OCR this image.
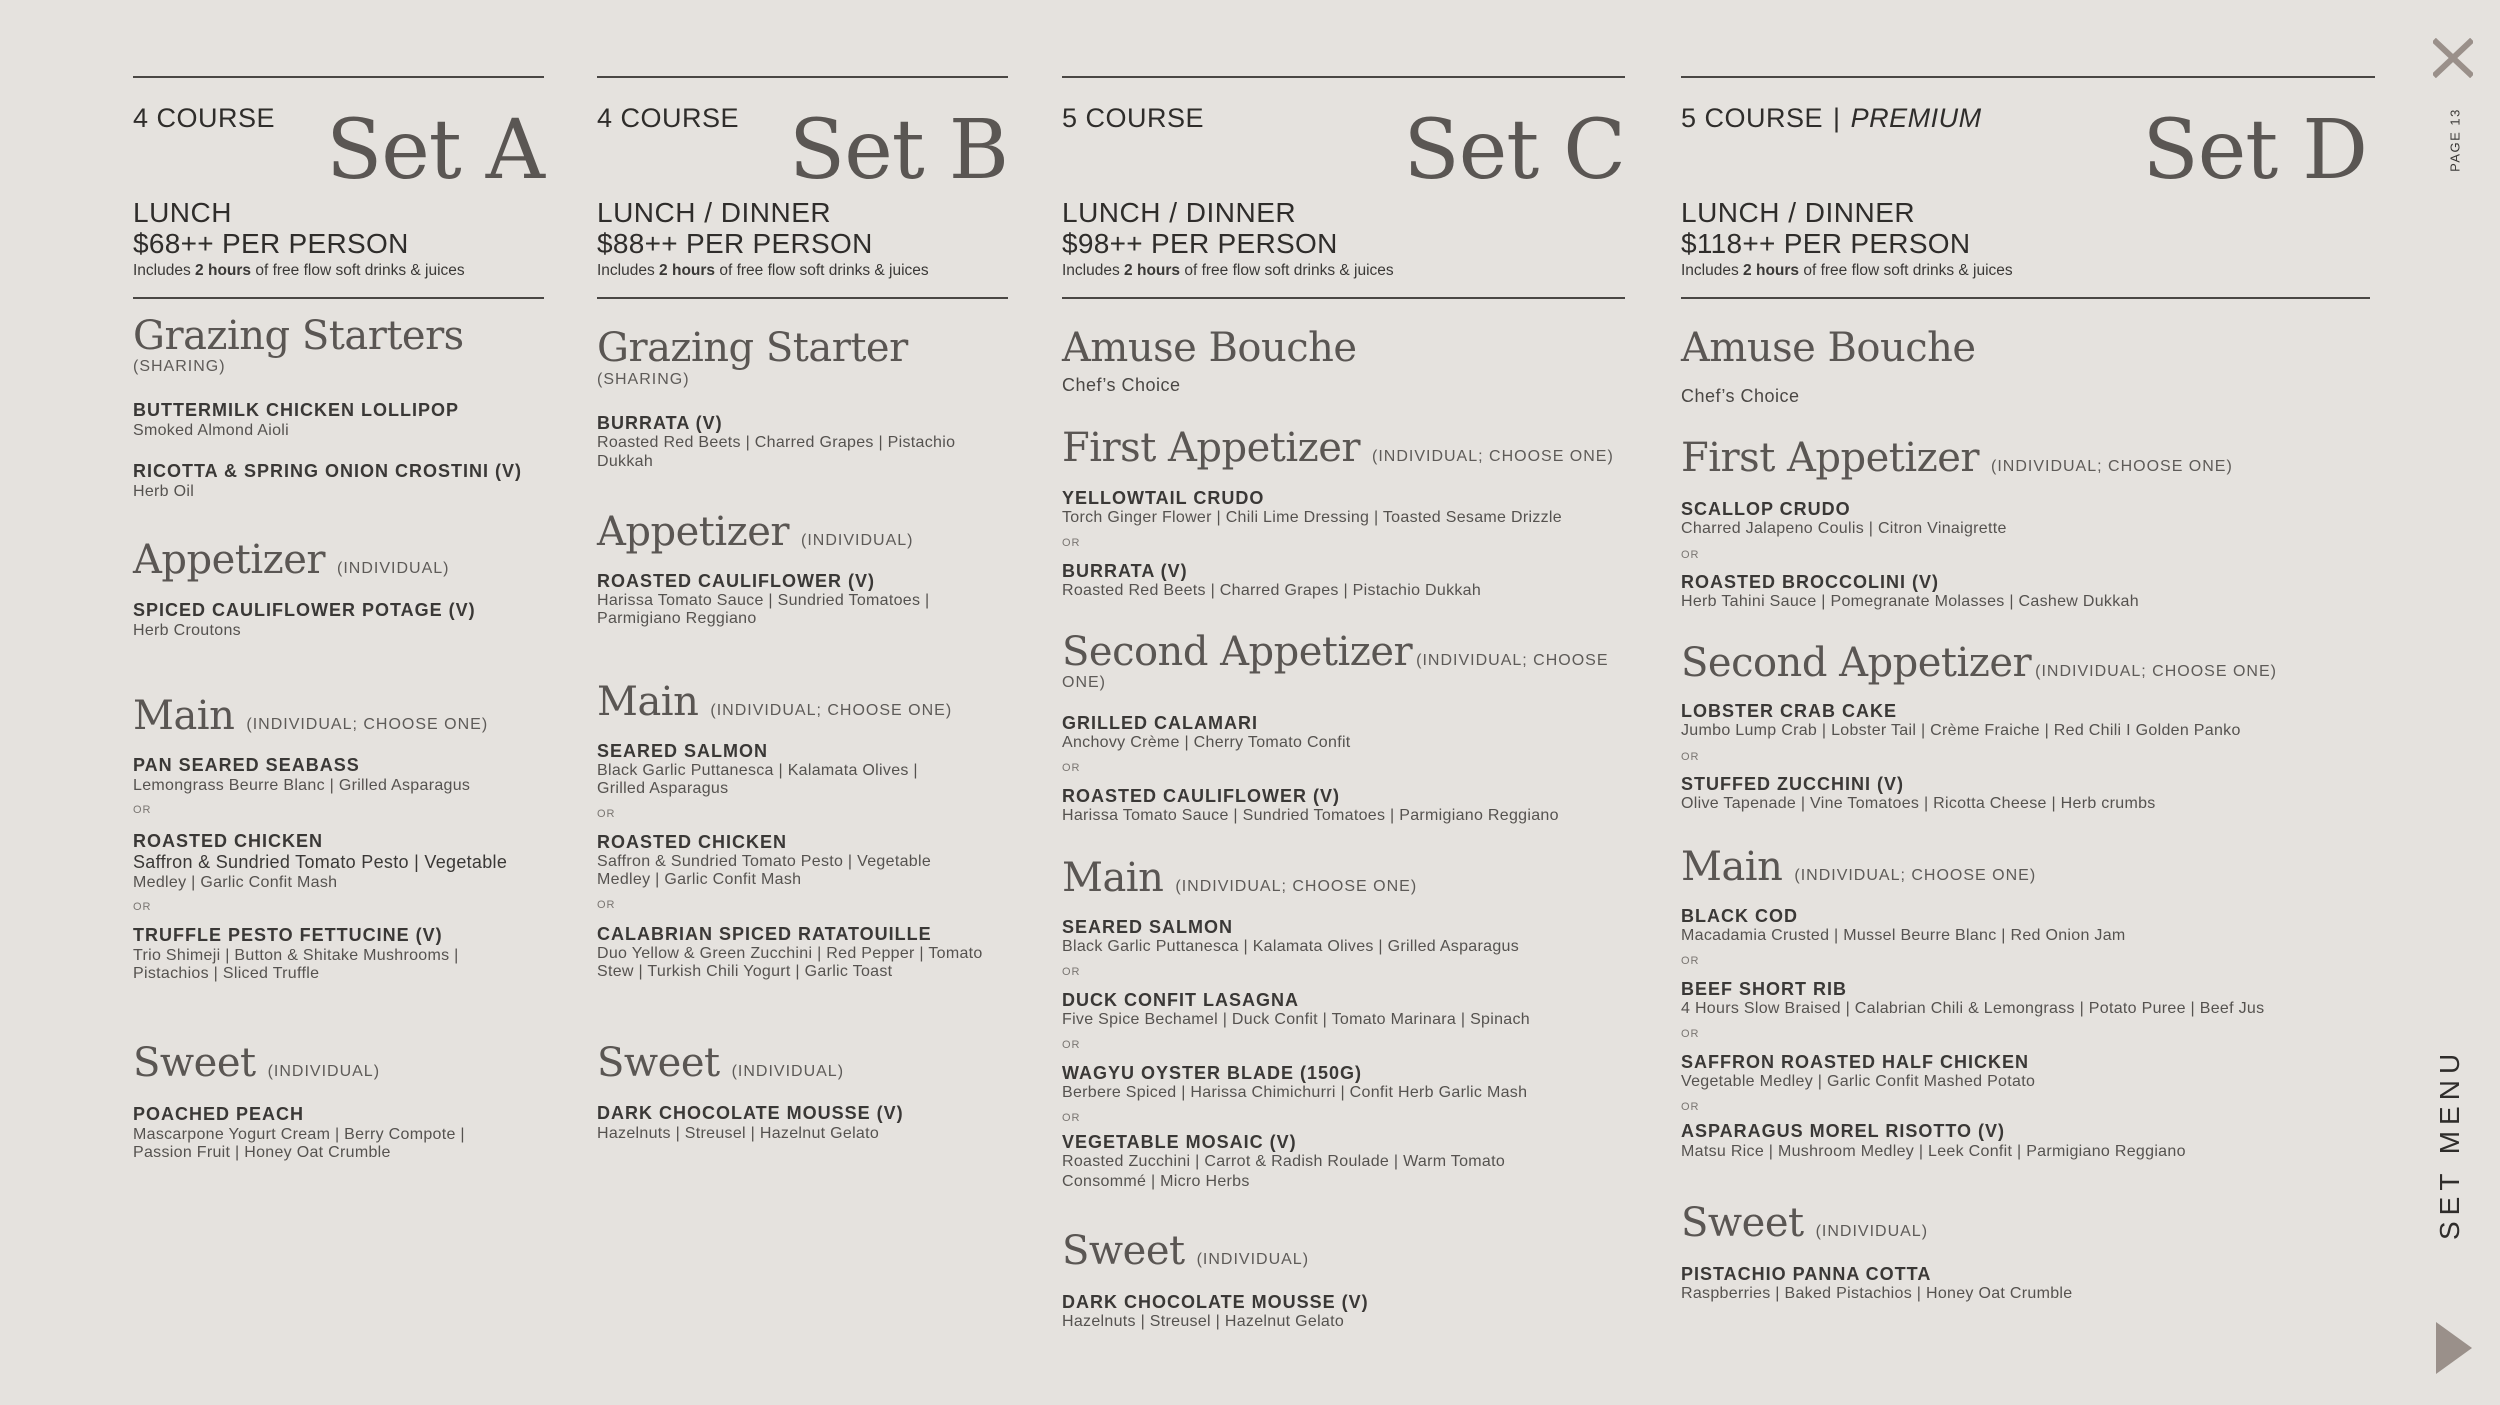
4 COURSE Set A
LUNCH
$68++ PER PERSON
Includes 2 hours of free flow soft drinks & juices
Grazing Starters
(SHARING)
BUTTERMILK CHICKEN LOLLIPOP
Smoked Almond Aioli
RICOTTA & SPRING ONION CROSTINI (V)
Herb Oil
Appetizer (INDIVIDUAL)
SPICED CAULIFLOWER POTAGE (V)
Herb Croutons
Main (INDIVIDUAL; CHOOSE ONE)
PAN SEARED SEABASS
Lemongrass Beurre Blanc | Grilled Asparagus
OR
ROASTED CHICKEN
Saffron & Sundried Tomato Pesto | Vegetable
Medley | Garlic Confit Mash
OR
TRUFFLE PESTO FETTUCINE (V)
Trio Shimeji | Button & Shitake Mushrooms |
Pistachios | Sliced Truffle
Sweet (INDIVIDUAL)
POACHED PEACH
Mascarpone Yogurt Cream | Berry Compote |
Passion Fruit | Honey Oat Crumble
4 COURSE Set B
LUNCH / DINNER
$88++ PER PERSON
Includes 2 hours of free flow soft drinks & juices
Grazing Starter
(SHARING)
BURRATA (V)
Roasted Red Beets | Charred Grapes | Pistachio
Dukkah
Appetizer (INDIVIDUAL)
ROASTED CAULIFLOWER (V)
Harissa Tomato Sauce | Sundried Tomatoes |
Parmigiano Reggiano
Main (INDIVIDUAL; CHOOSE ONE)
SEARED SALMON
Black Garlic Puttanesca | Kalamata Olives |
Grilled Asparagus
OR
ROASTED CHICKEN
Saffron & Sundried Tomato Pesto | Vegetable
Medley | Garlic Confit Mash
OR
CALABRIAN SPICED RATATOUILLE
Duo Yellow & Green Zucchini | Red Pepper | Tomato
Stew | Turkish Chili Yogurt | Garlic Toast
Sweet (INDIVIDUAL)
DARK CHOCOLATE MOUSSE (V)
Hazelnuts | Streusel | Hazelnut Gelato
5 COURSE Set C
LUNCH / DINNER
$98++ PER PERSON
Includes 2 hours of free flow soft drinks & juices
Amuse Bouche
Chef’s Choice
First Appetizer (INDIVIDUAL; CHOOSE ONE)
YELLOWTAIL CRUDO
Torch Ginger Flower | Chili Lime Dressing | Toasted Sesame Drizzle
OR
BURRATA (V)
Roasted Red Beets | Charred Grapes | Pistachio Dukkah
Second Appetizer (INDIVIDUAL; CHOOSE
ONE)
GRILLED CALAMARI
Anchovy Crème | Cherry Tomato Confit
OR
ROASTED CAULIFLOWER (V)
Harissa Tomato Sauce | Sundried Tomatoes | Parmigiano Reggiano
Main (INDIVIDUAL; CHOOSE ONE)
SEARED SALMON
Black Garlic Puttanesca | Kalamata Olives | Grilled Asparagus
OR
DUCK CONFIT LASAGNA
Five Spice Bechamel | Duck Confit | Tomato Marinara | Spinach
OR
WAGYU OYSTER BLADE (150G)
Berbere Spiced | Harissa Chimichurri | Confit Herb Garlic Mash
OR
VEGETABLE MOSAIC (V)
Roasted Zucchini | Carrot & Radish Roulade | Warm Tomato
Consommé | Micro Herbs
Sweet (INDIVIDUAL)
DARK CHOCOLATE MOUSSE (V)
Hazelnuts | Streusel | Hazelnut Gelato
5 COURSE | PREMIUM Set D
LUNCH / DINNER
$118++ PER PERSON
Includes 2 hours of free flow soft drinks & juices
Amuse Bouche
Chef’s Choice
First Appetizer (INDIVIDUAL; CHOOSE ONE)
SCALLOP CRUDO
Charred Jalapeno Coulis | Citron Vinaigrette
OR
ROASTED BROCCOLINI (V)
Herb Tahini Sauce | Pomegranate Molasses | Cashew Dukkah
Second Appetizer (INDIVIDUAL; CHOOSE ONE)
LOBSTER CRAB CAKE
Jumbo Lump Crab | Lobster Tail | Crème Fraiche | Red Chili I Golden Panko
OR
STUFFED ZUCCHINI (V)
Olive Tapenade | Vine Tomatoes | Ricotta Cheese | Herb crumbs
Main (INDIVIDUAL; CHOOSE ONE)
BLACK COD
Macadamia Crusted | Mussel Beurre Blanc | Red Onion Jam
OR
BEEF SHORT RIB
4 Hours Slow Braised | Calabrian Chili & Lemongrass | Potato Puree | Beef Jus
OR
SAFFRON ROASTED HALF CHICKEN
Vegetable Medley | Garlic Confit Mashed Potato
OR
ASPARAGUS MOREL RISOTTO (V)
Matsu Rice | Mushroom Medley | Leek Confit | Parmigiano Reggiano
Sweet (INDIVIDUAL)
PISTACHIO PANNA COTTA
Raspberries | Baked Pistachios | Honey Oat Crumble
PAGE 13
SET MENU
